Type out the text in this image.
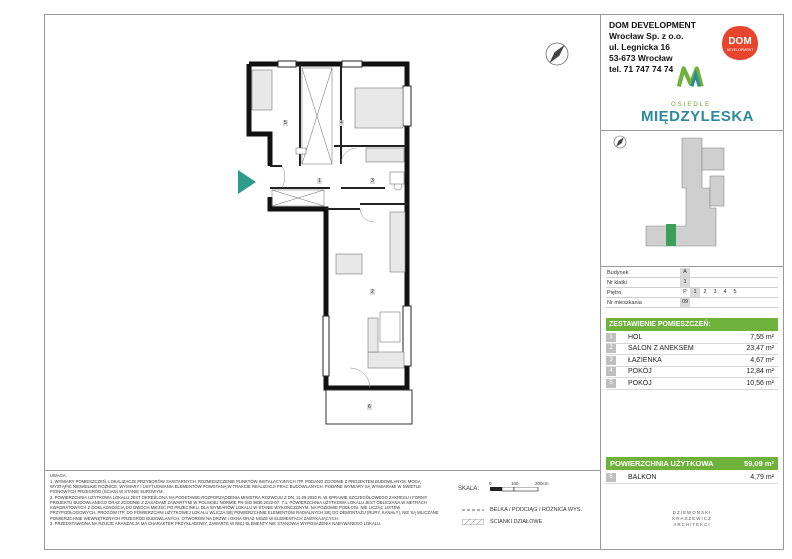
5	4
1	3
2
6
DOM DEVELOPMENT
Wrocław Sp. z o.o.
ul. Legnicka 16
53-673 Wrocław
tel. 71 747 74 74
DOM
DEVELOPMENT
OSIEDLE
MIĘDZYLESKA
Budynek	A
Nr klatki	1
Piętro	P	1	2	3	4	5
Nr mieszkania	09
ZESTAWIENIE POMIESZCZEŃ:
1	HOL	7,55 m²
2	SALON Z ANEKSEM	23,47 m²
3	ŁAZIENKA	4,67 m²
4	POKÓJ	12,84 m²
5	POKÓJ	10,56 m²
POWIERZCHNIA UŻYTKOWA	59,09 m²
6	BALKON	4,79 m²

UWAGA:

1. WYMIARY POMIESZCZEŃ, LOKALIZACJE PRZYBORÓW SANITARNYCH, ROZMIESZCZENIE PUNKTÓW INSTALACYJNYCH ITP. PODANO ZGODNIE Z PROJEKTEM BUDOWLANYM. MOGĄ WYSTĄPIĆ NIEWIELKIE RÓŻNICE. WYMIARY I USYTUOWANIA ELEMENTÓW POWSTANĄ W TRAKCIE REALIZACJI PRAC BUDOWLANYCH. PODANE WYMIARY SĄ WYMIARAMI W ŚWIETLE PIONOWYCH PRZEGRÓD (ŚCIAN) W STANIE SUROWYM.

2. POWIERZCHNIA UŻYTKOWA LOKALU JEST OKREŚLONA NA PODSTAWIE ROZPORZĄDZENIA MINISTRA ROZWOJU Z DN. 11.09.2020 R. W SPRAWIE SZCZEGÓŁOWEGO ZAKRESU I FORMY PROJEKTU BUDOWLANEGO ORAZ ZGODNIE Z ZASADAMI ZAWARTYMI W POLSKIEJ NORMIE PN-ISO 9836:2022-07. 7.1. POWIERZCHNIA UŻYTKOWA LOKALU JEST OBLICZANA W METRACH KWADRATOWYCH Z DOKŁADNOŚCIĄ DO DWÓCH MIEJSC PO PRZECINKU, DLA WYMIARÓW LOKALU W STANIE WYKOŃCZONYM, NA POZIOMIE PODŁOGI, NIE LICZĄC LISTEW PRZYPODŁOGOWYCH, PROGÓW ITP. DO POWIERZCHNI UŻYTKOWEJ LOKALU WLICZA SIĘ POWIERZCHNIE ELEMENTÓW RADIALNYCH SIĘ DO DEMONTAŻU (RURY, KANAŁY), NIE SĄ WLICZANE POWIERZCHNIE WEWNĘTRZNYCH PRZEGRÓD BUDOWLANYCH, OTWORÓW NA DRZWI I OKNA ORAZ NISZE W ELEMENTACH ZAMYKAJĄCYCH.

3. PRZEDSTAWIONA NA RZUCIE ARANŻACJA MA CHARAKTER PRZYKŁADOWY, ZAWARTE W NIEJ ELEMENTY NIE STANOWIĄ WYPOSAŻENIA NABYWANEGO LOKALU.

SKALA:
0	100	200cm
BELKA / PODCIĄG / RÓŻNICA WYS.
ŚCIANKI DZIAŁOWE
DZIEWOŃSKI KRASZEWICZ ARCHITEKCI
